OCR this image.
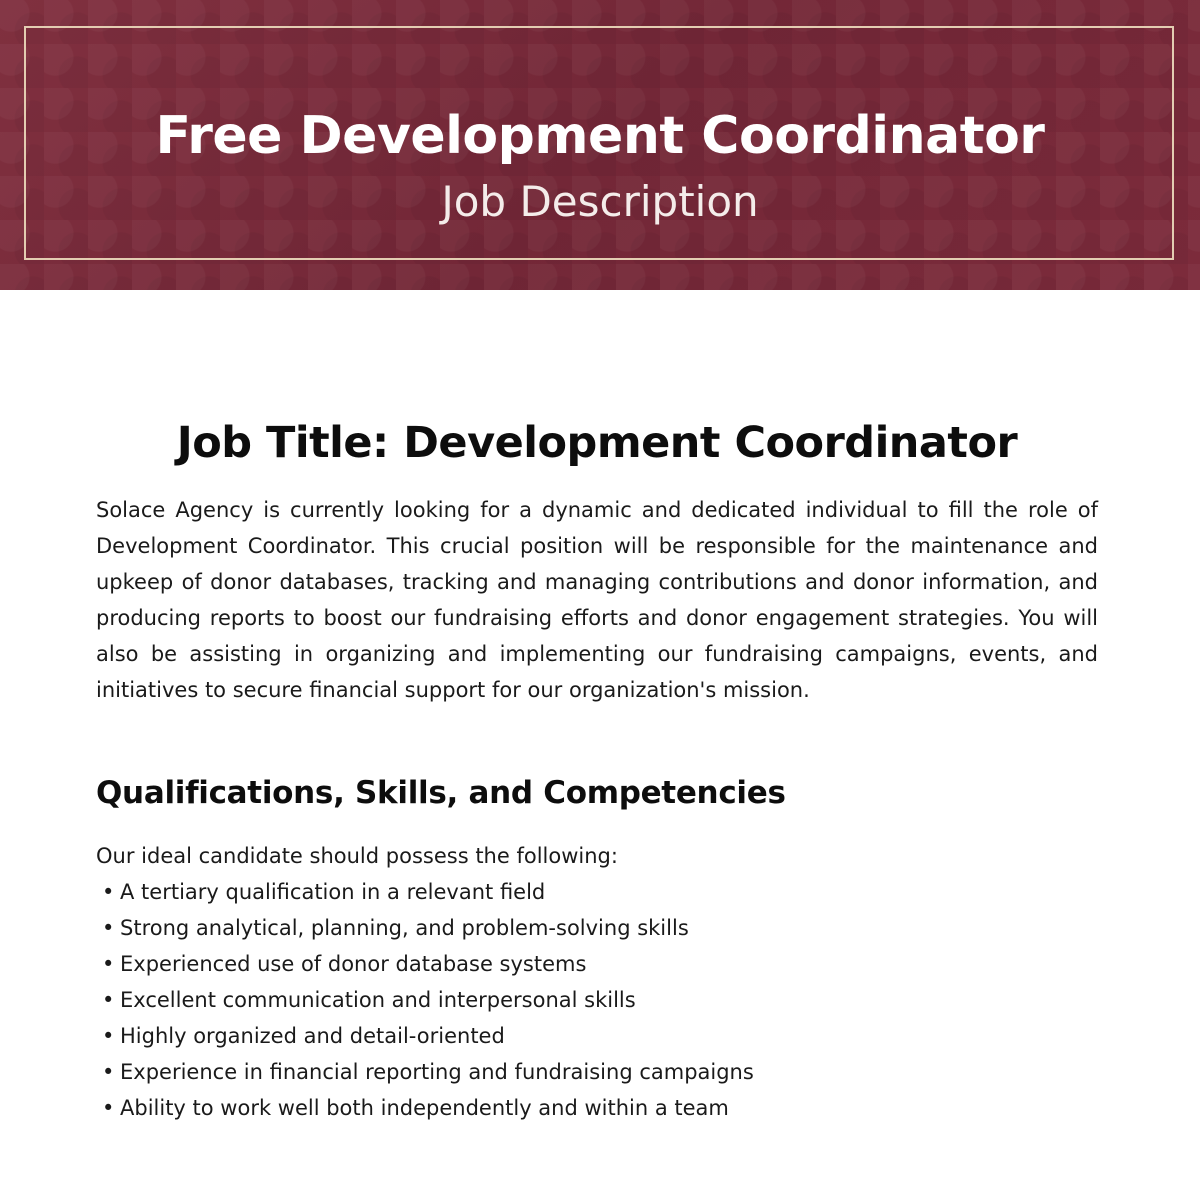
Free Development Coordinator
Job Description
Job Title: Development Coordinator

Solace Agency is currently looking for a dynamic and dedicated individual to fill the role of Development Coordinator. This crucial position will be responsible for the maintenance and upkeep of donor databases, tracking and managing contributions and donor information, and producing reports to boost our fundraising efforts and donor engagement strategies. You will also be assisting in organizing and implementing our fundraising campaigns, events, and initiatives to secure financial support for our organization's mission.

Qualifications, Skills, and Competencies

Our ideal candidate should possess the following:

• A tertiary qualification in a relevant field
• Strong analytical, planning, and problem-solving skills
• Experienced use of donor database systems
• Excellent communication and interpersonal skills
• Highly organized and detail-oriented
• Experience in financial reporting and fundraising campaigns
• Ability to work well both independently and within a team
